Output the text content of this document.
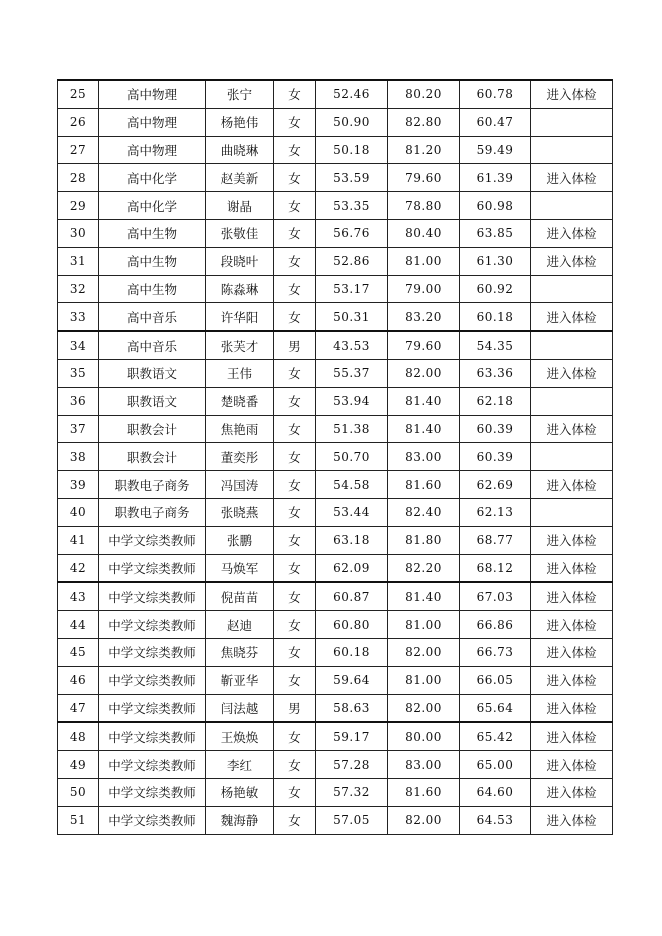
25	高中物理	张宁	女	52.46	80.20	60.78	进入体检
26	高中物理	杨艳伟	女	50.90	82.80	60.47	
27	高中物理	曲晓琳	女	50.18	81.20	59.49	
28	高中化学	赵美新	女	53.59	79.60	61.39	进入体检
29	高中化学	谢晶	女	53.35	78.80	60.98	
30	高中生物	张敬佳	女	56.76	80.40	63.85	进入体检
31	高中生物	段晓叶	女	52.86	81.00	61.30	进入体检
32	高中生物	陈淼琳	女	53.17	79.00	60.92	
33	高中音乐	许华阳	女	50.31	83.20	60.18	进入体检
34	高中音乐	张芙才	男	43.53	79.60	54.35	
35	职教语文	王伟	女	55.37	82.00	63.36	进入体检
36	职教语文	楚晓番	女	53.94	81.40	62.18	
37	职教会计	焦艳雨	女	51.38	81.40	60.39	进入体检
38	职教会计	董奕彤	女	50.70	83.00	60.39	
39	职教电子商务	冯国涛	女	54.58	81.60	62.69	进入体检
40	职教电子商务	张晓燕	女	53.44	82.40	62.13	
41	中学文综类教师	张鹏	女	63.18	81.80	68.77	进入体检
42	中学文综类教师	马焕军	女	62.09	82.20	68.12	进入体检
43	中学文综类教师	倪苗苗	女	60.87	81.40	67.03	进入体检
44	中学文综类教师	赵迪	女	60.80	81.00	66.86	进入体检
45	中学文综类教师	焦晓芬	女	60.18	82.00	66.73	进入体检
46	中学文综类教师	靳亚华	女	59.64	81.00	66.05	进入体检
47	中学文综类教师	闫法越	男	58.63	82.00	65.64	进入体检
48	中学文综类教师	王焕焕	女	59.17	80.00	65.42	进入体检
49	中学文综类教师	李红	女	57.28	83.00	65.00	进入体检
50	中学文综类教师	杨艳敏	女	57.32	81.60	64.60	进入体检
51	中学文综类教师	魏海静	女	57.05	82.00	64.53	进入体检
